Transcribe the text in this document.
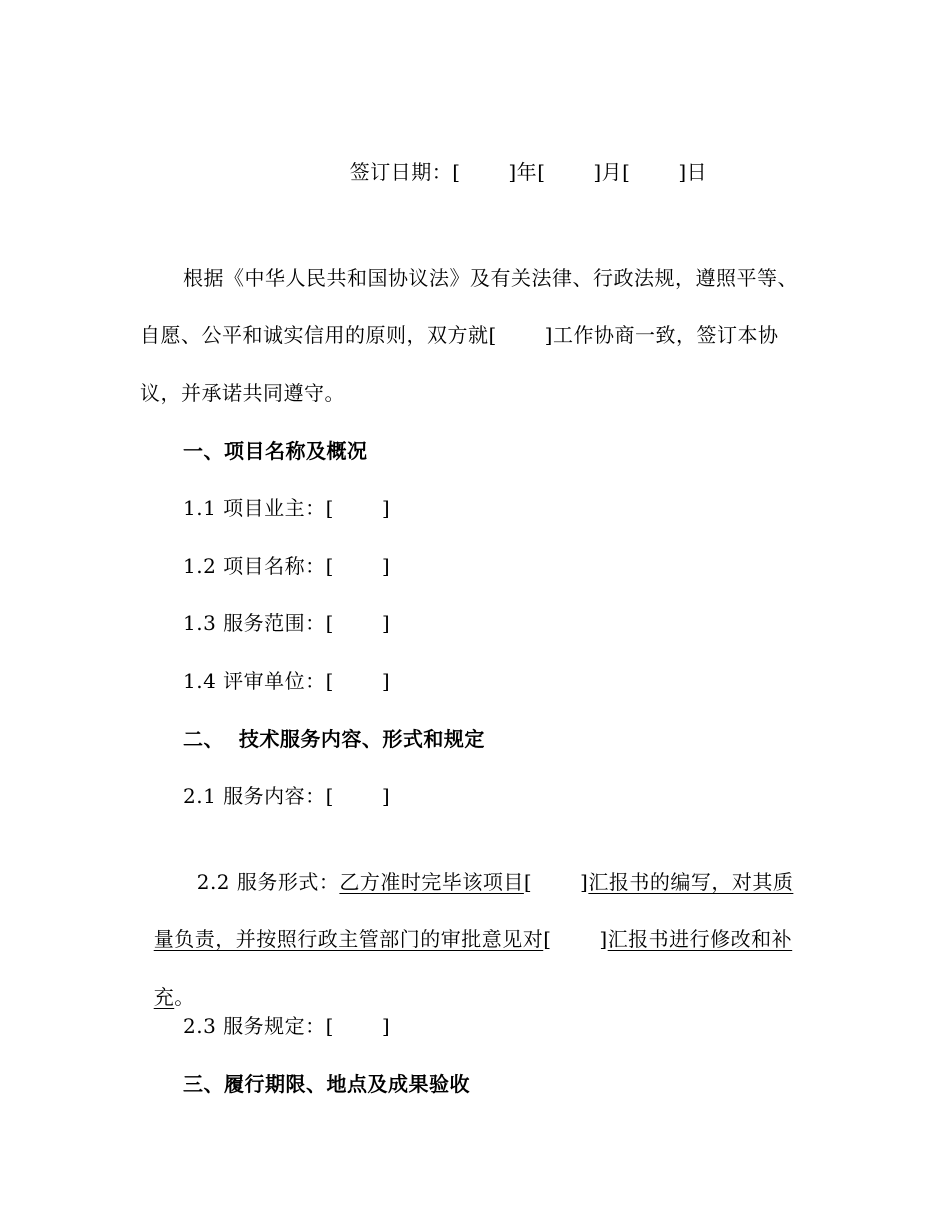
签订日期：[　　 ]年[　　 ]月[　　 ]日

根据《中华人民共和国协议法》及有关法律、行政法规，遵照平等、
自愿、公平和诚实信用的原则，双方就[　　 ]工作协商一致，签订本协
议，并承诺共同遵守。
一、项目名称及概况
1.1 项目业主：[　　 ]
1.2 项目名称：[　　 ]
1.3 服务范围：[　　 ]
1.4 评审单位：[　　 ]
二、  技术服务内容、形式和规定
2.1 服务内容：[　　 ]

2.2 服务形式：乙方准时完毕该项目[　　 ]汇报书的编写，对其质

量负责，并按照行政主管部门的审批意见对[　　 ]汇报书进行修改和补

充。

2.3 服务规定：[　　 ]
三、履行期限、地点及成果验收
